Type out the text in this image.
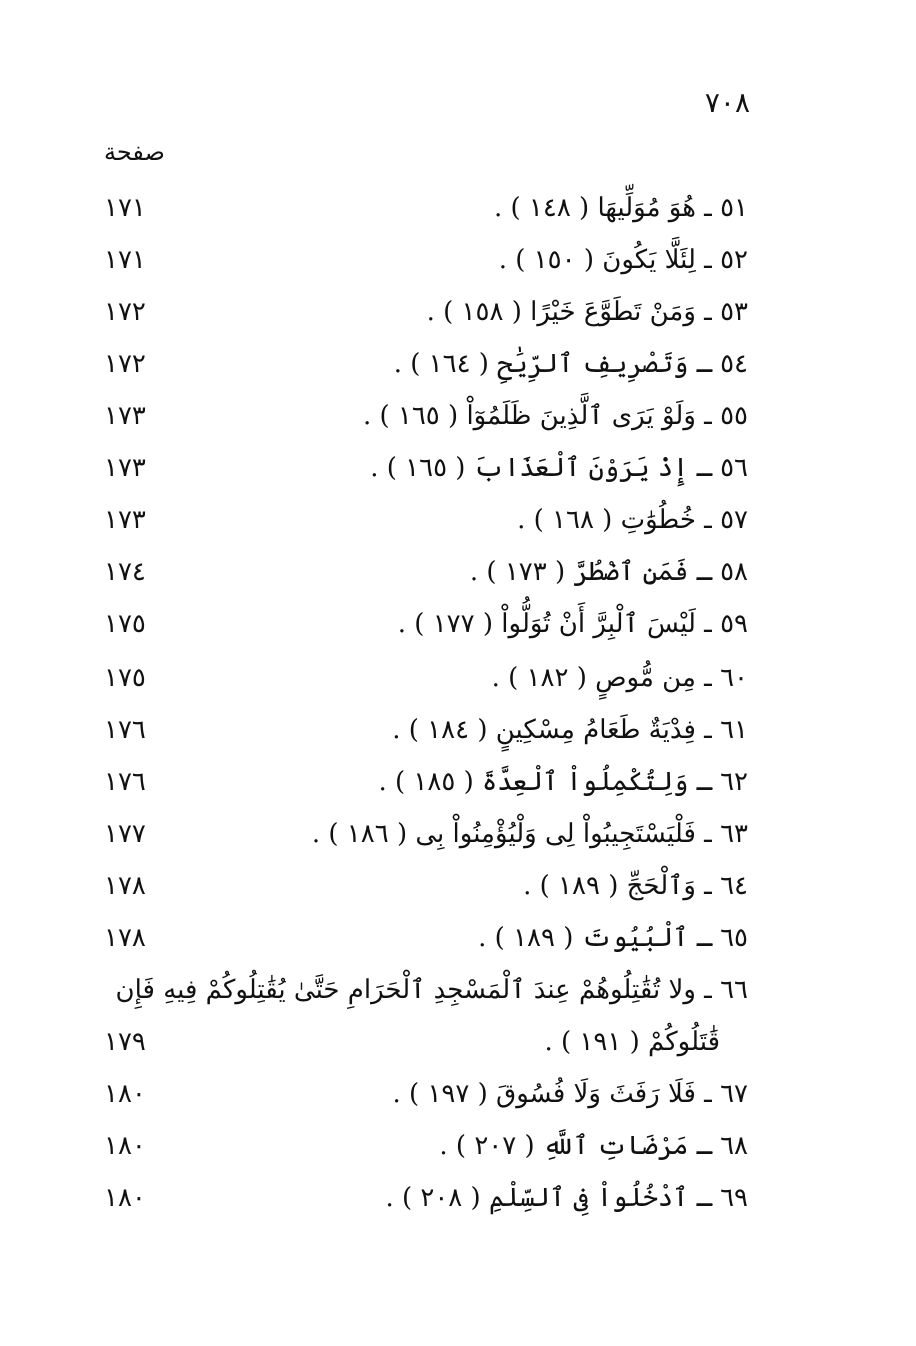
٧٠٨
صفحة
٥١ ـ هُوَ مُوَلِّيهَا ( ١٤٨ ) .
١٧١
٥٢ ـ لِئَلَّا يَكُونَ ( ١٥٠ ) .
١٧١
٥٣ ـ وَمَنْ تَطَوَّعَ خَيْرًا ( ١٥٨ ) .
١٧٢
٥٤ ـ وَتَصْرِيفِ ٱلرِّيَٰحِ ( ١٦٤ ) .
١٧٢
٥٥ ـ وَلَوْ يَرَى ٱلَّذِينَ ظَلَمُوٓاْ ( ١٦٥ ) .
١٧٣
٥٦ ـ إِذْ يَرَوْنَ ٱلْعَذَابَ ( ١٦٥ ) .
١٧٣
٥٧ ـ خُطُوَٰتِ ( ١٦٨ ) .
١٧٣
٥٨ ـ فَمَنِ ٱضْطُرَّ ( ١٧٣ ) .
١٧٤
٥٩ ـ لَيْسَ ٱلْبِرَّ أَنْ تُوَلُّواْ ( ١٧٧ ) .
١٧٥
٦٠ ـ مِن مُّوصٍ ( ١٨٢ ) .
١٧٥
٦١ ـ فِدْيَةٌ طَعَامُ مِسْكِينٍ ( ١٨٤ ) .
١٧٦
٦٢ ـ وَلِتُكْمِلُواْ ٱلْعِدَّةَ ( ١٨٥ ) .
١٧٦
٦٣ ـ فَلْيَسْتَجِيبُواْ لِى وَلْيُؤْمِنُواْ بِى ( ١٨٦ ) .
١٧٧
٦٤ ـ وَٱلْحَجِّ ( ١٨٩ ) .
١٧٨
٦٥ ـ ٱلْبُيُوتَ ( ١٨٩ ) .
١٧٨
٦٦ ـ ولا تُقَٰتِلُوهُمْ عِندَ ٱلْمَسْجِدِ ٱلْحَرَامِ حَتَّىٰ يُقَٰتِلُوكُمْ فِيهِ فَإِن
قَٰتَلُوكُمْ ( ١٩١ ) .
١٧٩
٦٧ ـ فَلَا رَفَثَ وَلَا فُسُوقَ ( ١٩٧ ) .
١٨٠
٦٨ ـ مَرْضَاتِ ٱللَّهِ ( ٢٠٧ ) .
١٨٠
٦٩ ـ ٱدْخُلُواْ فِى ٱلسِّلْمِ ( ٢٠٨ ) .
١٨٠
